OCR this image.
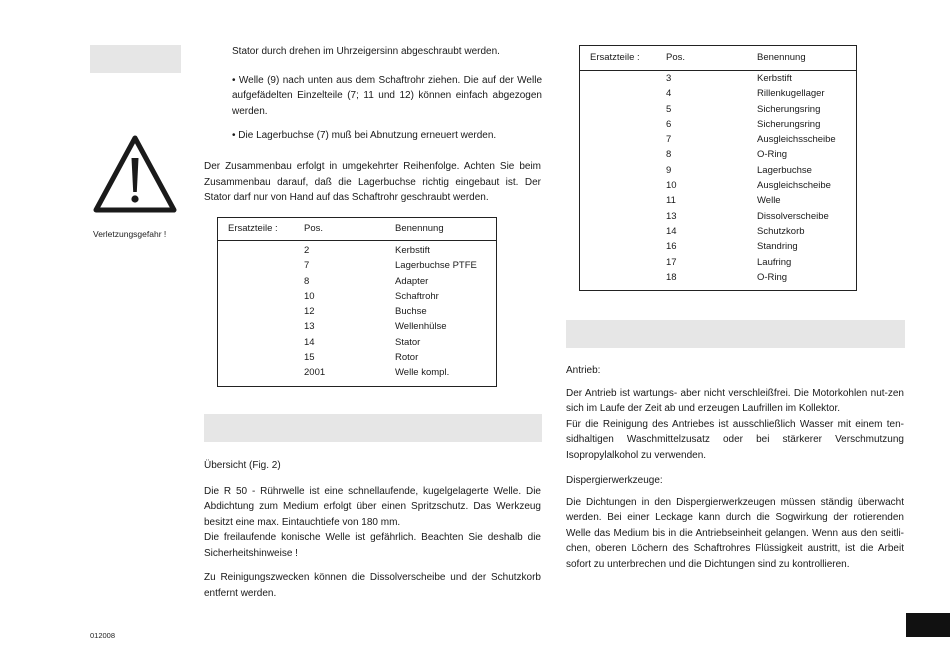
Stator durch drehen im Uhrzeigersinn abgeschraubt werden.

• Welle (9) nach unten aus dem Schaftrohr ziehen. Die auf der Welle aufgefädelten Einzelteile (7; 11 und 12) können einfach abgezogen werden.

• Die Lagerbuchse (7) muß bei Abnutzung erneuert werden.

Verletzungsgefahr !

Der Zusammenbau erfolgt in umgekehrter Reihenfolge. Achten Sie beim Zusammenbau darauf, daß die Lagerbuchse richtig eingebaut ist. Der Stator darf nur von Hand auf das Schaftrohr geschraubt werden.

Ersatzteile :	Pos.	Benennung
2	Kerbstift
7	Lagerbuchse PTFE
8	Adapter
10	Schaftrohr
12	Buchse
13	Wellenhülse
14	Stator
15	Rotor
2001	Welle kompl.

Übersicht (Fig. 2)

Die R 50 - Rührwelle ist eine schnellaufende, kugelgelagerte Welle. Die Abdichtung zum Medium erfolgt über einen Spritzschutz. Das Werkzeug besitzt eine max. Eintauchtiefe von 180 mm.

Die freilaufende konische Welle ist gefährlich. Beachten Sie deshalb die Sicherheitshinweise !

Zu Reinigungszwecken können die Dissolverscheibe und der Schutzkorb entfernt werden.

012008
Ersatzteile :	Pos.	Benennung
3	Kerbstift
4	Rillenkugellager
5	Sicherungsring
6	Sicherungsring
7	Ausgleichsscheibe
8	O-Ring
9	Lagerbuchse
10	Ausgleichscheibe
11	Welle
13	Dissolverscheibe
14	Schutzkorb
16	Standring
17	Laufring
18	O-Ring

Antrieb:

Der Antrieb ist wartungs- aber nicht verschleißfrei. Die Motorkohlen nut-zen sich im Laufe der Zeit ab und erzeugen Laufrillen im Kollektor.

Für die Reinigung des Antriebes ist ausschließlich Wasser mit einem ten-sidhaltigen Waschmittelzusatz oder bei stärkerer Verschmutzung Isopropylalkohol zu verwenden.

Dispergierwerkzeuge:

Die Dichtungen in den Dispergierwerkzeugen müssen ständig überwacht werden. Bei einer Leckage kann durch die Sogwirkung der rotierenden Welle das Medium bis in die Antriebseinheit gelangen. Wenn aus den seitli-chen, oberen Löchern des Schaftrohres Flüssigkeit austritt, ist die Arbeit sofort zu unterbrechen und die Dichtungen sind zu kontrollieren.
